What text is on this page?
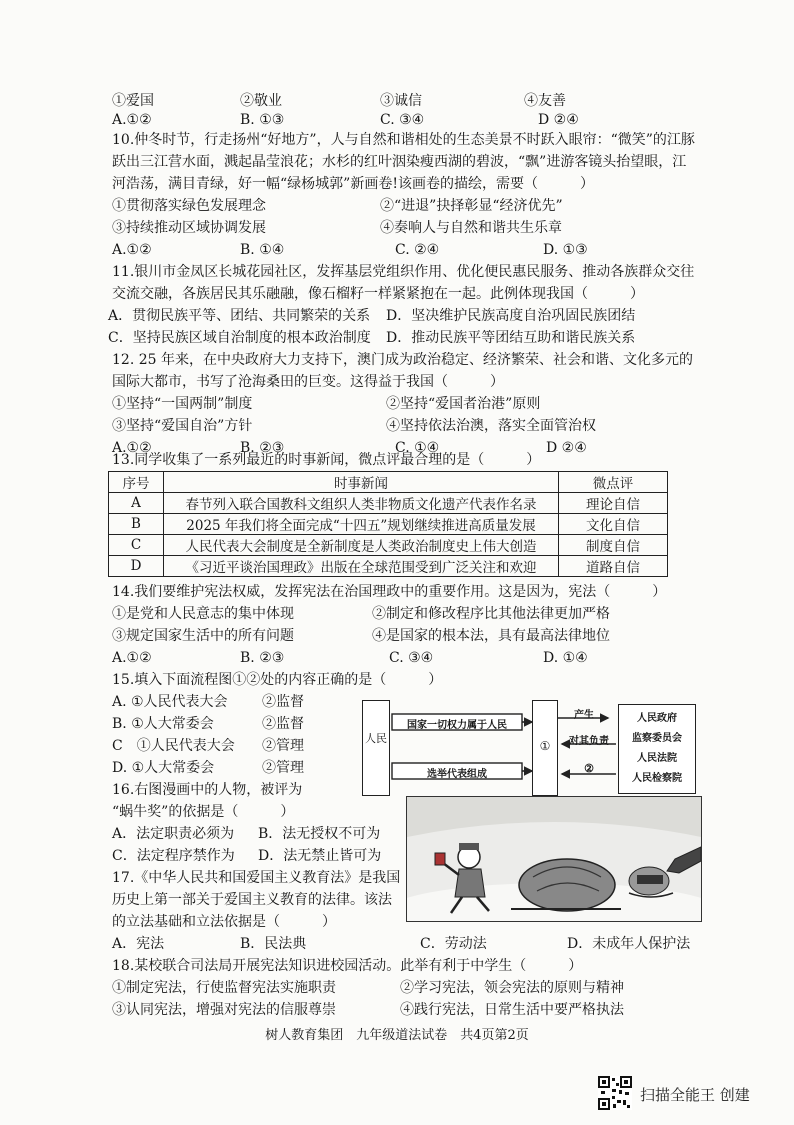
①爱国	②敬业	③诚信	④友善
A.①②	B. ①③	C. ③④	D ②④
10.仲冬时节，行走扬州“好地方”，人与自然和谐相处的生态美景不时跃入眼帘：“微笑”的江豚
跃出三江营水面，溅起晶莹浪花；水杉的红叶洇染瘦西湖的碧波，“飘”进游客镜头抬望眼，江
河浩荡，满目青绿，好一幅“绿杨城郭”新画卷!该画卷的描绘，需要（　　　）
①贯彻落实绿色发展理念	②“进退”抉择彰显“经济优先”
③持续推动区域协调发展	④奏响人与自然和谐共生乐章
A.①②	B. ①④	C. ②④	D. ①③
11.银川市金凤区长城花园社区，发挥基层党组织作用、优化便民惠民服务、推动各族群众交往
交流交融，各族居民其乐融融，像石榴籽一样紧紧抱在一起。此例体现我国（　　　）
A．贯彻民族平等、团结、共同繁荣的关系 D．坚决维护民族高度自治巩固民族团结
C．坚持民族区域自治制度的根本政治制度 D．推动民族平等团结互助和谐民族关系
12. 25 年来，在中央政府大力支持下，澳门成为政治稳定、经济繁荣、社会和谐、文化多元的
国际大都市，书写了沧海桑田的巨变。这得益于我国（　　　）
①坚持“一国两制”制度	②坚持“爱国者治港”原则
③坚持“爱国自治”方针	④坚持依法治澳，落实全面管治权
A.①②	B. ②③	C. ①④	D ②④
13.同学收集了一系列最近的时事新闻，微点评最合理的是（　　　）
序号	时事新闻	微点评
A	春节列入联合国教科文组织人类非物质文化遗产代表作名录	理论自信
B	2025 年我们将全面完成“十四五”规划继续推进高质量发展	文化自信
C	人民代表大会制度是全新制度是人类政治制度史上伟大创造	制度自信
D	《习近平谈治国理政》出版在全球范围受到广泛关注和欢迎	道路自信
14.我们要维护宪法权威，发挥宪法在治国理政中的重要作用。这是因为，宪法（　　　）
①是党和人民意志的集中体现	②制定和修改程序比其他法律更加严格
③规定国家生活中的所有问题	④是国家的根本法，具有最高法律地位
A.①②	B. ②③	C. ③④	D. ①④
15.填入下面流程图①②处的内容正确的是（　　　）
A. ①人民代表大会 ②监督
B. ①人大常委会	②监督
C　①人民代表大会 ②管理
D. ①人大常委会	②管理
人民
国家一切权力属于人民
选举代表组成
①
产生
对其负责
②
人民政府
监察委员会
人民法院
人民检察院
16.右图漫画中的人物，被评为
“蜗牛奖”的依据是（　　　）
A．法定职责必须为 B．法无授权不可为
C．法定程序禁作为 D．法无禁止皆可为
17.《中华人民共和国爱国主义教育法》是我国
历史上第一部关于爱国主义教育的法律。该法
的立法基础和立法依据是（　　　）
A．宪法	B．民法典	C．劳动法	D．未成年人保护法
18.某校联合司法局开展宪法知识进校园活动。此举有利于中学生（　　　）
①制定宪法，行使监督宪法实施职责	②学习宪法，领会宪法的原则与精神
③认同宪法，增强对宪法的信服尊崇	④践行宪法，日常生活中要严格执法
树人教育集团　九年级道法试卷　共4页第2页
扫描全能王 创建
